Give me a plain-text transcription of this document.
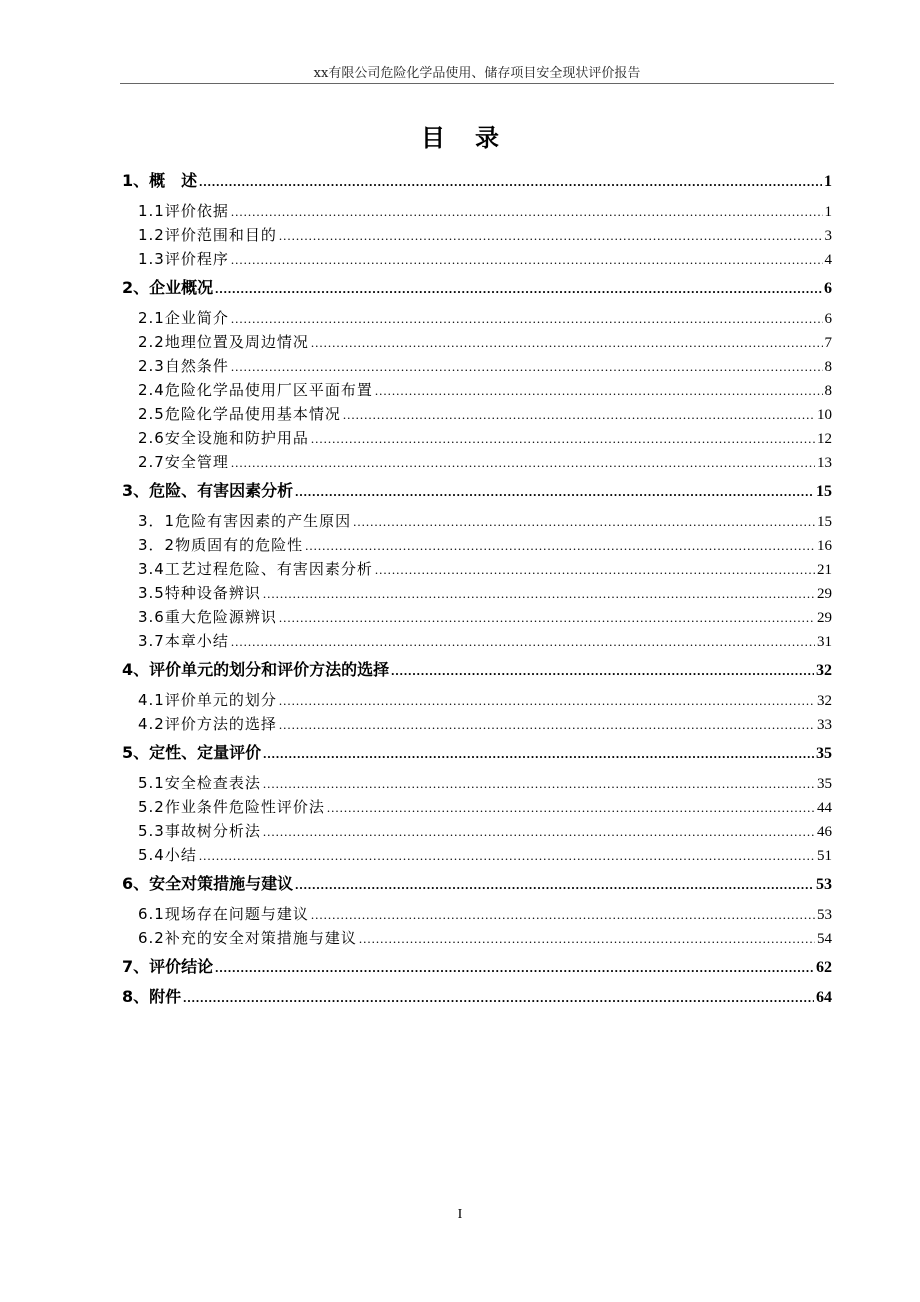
xx有限公司危险化学品使用、储存项目安全现状评价报告
目录
1、概　述 .....	1
1.1评价依据 .....	1
1.2评价范围和目的 .....	3
1.3评价程序 .....	4
2、企业概况 .....	6
2.1企业简介 .....	6
2.2地理位置及周边情况 .....	7
2.3自然条件 .....	8
2.4危险化学品使用厂区平面布置 .....	8
2.5危险化学品使用基本情况 .....	10
2.6安全设施和防护用品 .....	12
2.7安全管理 .....	13
3、危险、有害因素分析 .....	15
3．1危险有害因素的产生原因 .....	15
3．2物质固有的危险性 .....	16
3.4工艺过程危险、有害因素分析 .....	21
3.5特种设备辨识 .....	29
3.6重大危险源辨识 .....	29
3.7本章小结 .....	31
4、评价单元的划分和评价方法的选择 .....	32
4.1评价单元的划分 .....	32
4.2评价方法的选择 .....	33
5、定性、定量评价 .....	35
5.1安全检查表法 .....	35
5.2作业条件危险性评价法 .....	44
5.3事故树分析法 .....	46
5.4小结 .....	51
6、安全对策措施与建议 .....	53
6.1现场存在问题与建议 .....	53
6.2补充的安全对策措施与建议 .....	54
7、评价结论 .....	62
8、附件 .....	64
I
